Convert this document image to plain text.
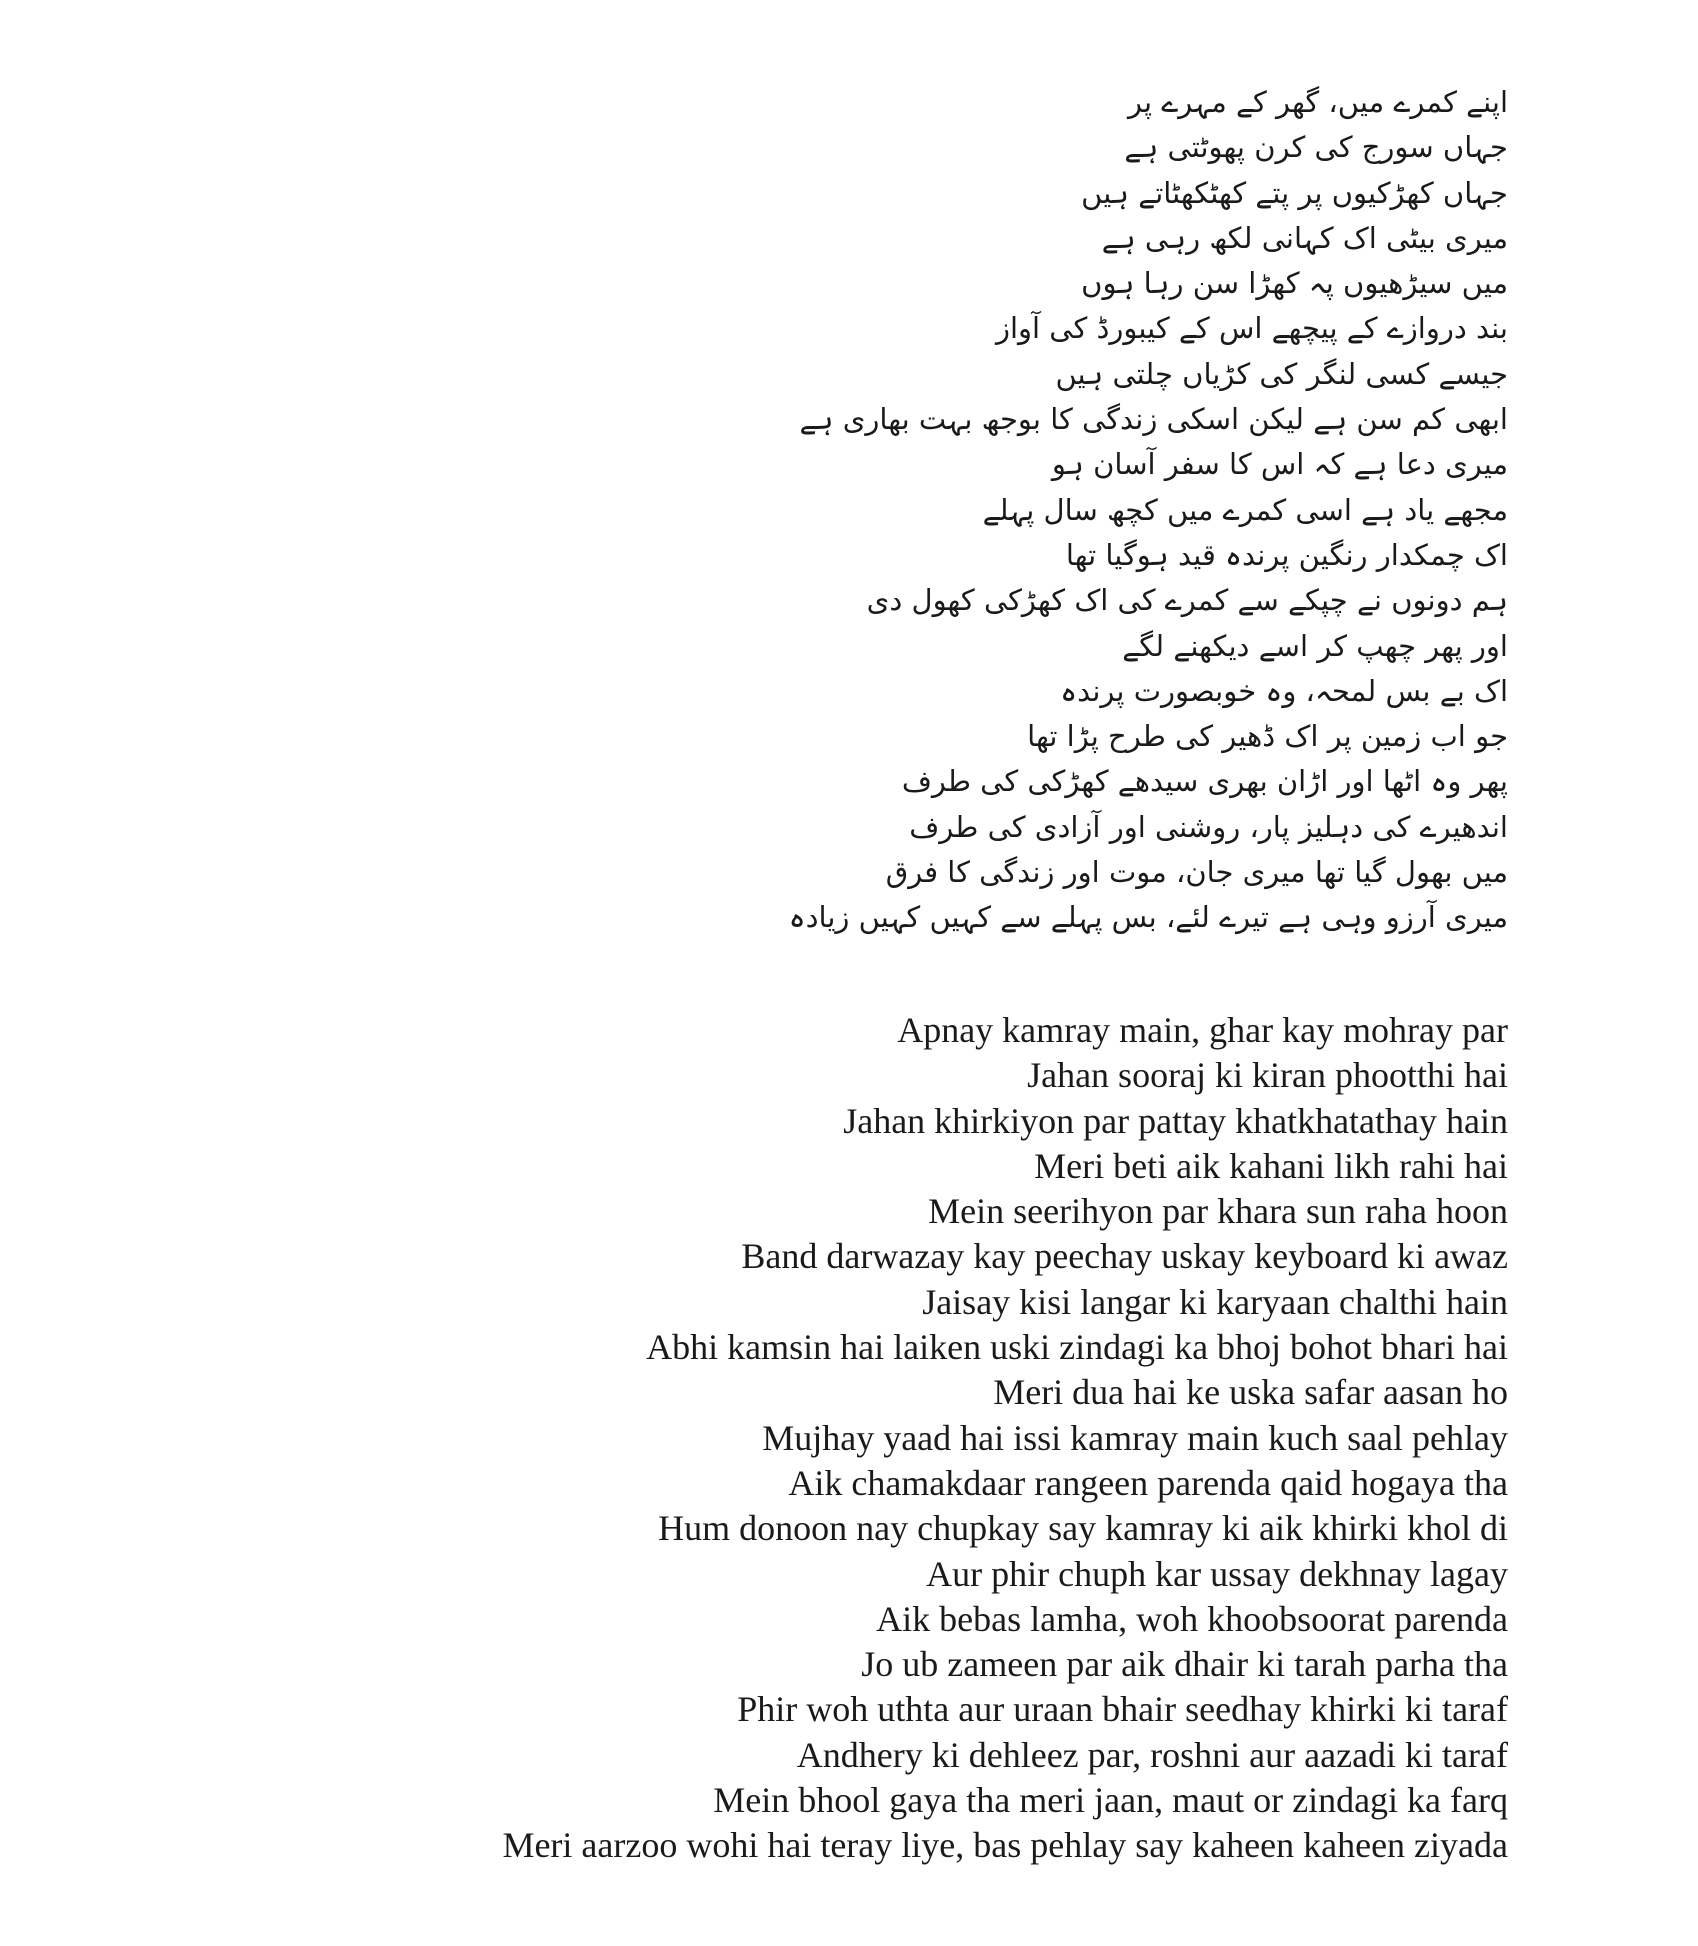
اپنے کمرے میں، گھر کے مہرے پر
جہاں سورج کی کرن پھوٹتی ہے
جہاں کھڑکیوں پر پتے کھٹکھٹاتے ہیں
میری بیٹی اک کہانی لکھ رہی ہے
میں سیڑھیوں پہ کھڑا سن رہا ہوں
بند دروازے کے پیچھے اس کے کیبورڈ کی آواز
جیسے کسی لنگر کی کڑیاں چلتی ہیں
ابھی کم سن ہے لیکن اسکی زندگی کا بوجھ بہت بھاری ہے
میری دعا ہے کہ اس کا سفر آسان ہو
مجھے یاد ہے اسی کمرے میں کچھ سال پہلے
اک چمکدار رنگین پرندہ قید ہوگیا تھا
ہم دونوں نے چپکے سے کمرے کی اک کھڑکی کھول دی
اور پھر چھپ کر اسے دیکھنے لگے
اک بے بس لمحہ، وہ خوبصورت پرندہ
جو اب زمین پر اک ڈھیر کی طرح پڑا تھا
پھر وہ اٹھا اور اڑان بھری سیدھے کھڑکی کی طرف
اندھیرے کی دہلیز پار، روشنی اور آزادی کی طرف
میں بھول گیا تھا میری جان، موت اور زندگی کا فرق
میری آرزو وہی ہے تیرے لئے، بس پہلے سے کہیں کہیں زیادہ
Apnay kamray main, ghar kay mohray par
Jahan sooraj ki kiran phootthi hai
Jahan khirkiyon par pattay khatkhatathay hain
Meri beti aik kahani likh rahi hai
Mein seerihyon par khara sun raha hoon
Band darwazay kay peechay uskay keyboard ki awaz
Jaisay kisi langar ki karyaan chalthi hain
Abhi kamsin hai laiken uski zindagi ka bhoj bohot bhari hai
Meri dua hai ke uska safar aasan ho
Mujhay yaad hai issi kamray main kuch saal pehlay
Aik chamakdaar rangeen parenda qaid hogaya tha
Hum donoon nay chupkay say kamray ki aik khirki khol di
Aur phir chuph kar ussay dekhnay lagay
Aik bebas lamha, woh khoobsoorat parenda
Jo ub zameen par aik dhair ki tarah parha tha
Phir woh uthta aur uraan bhair seedhay khirki ki taraf
Andhery ki dehleez par, roshni aur aazadi ki taraf
Mein bhool gaya tha meri jaan, maut or zindagi ka farq
Meri aarzoo wohi hai teray liye, bas pehlay say kaheen kaheen ziyada
